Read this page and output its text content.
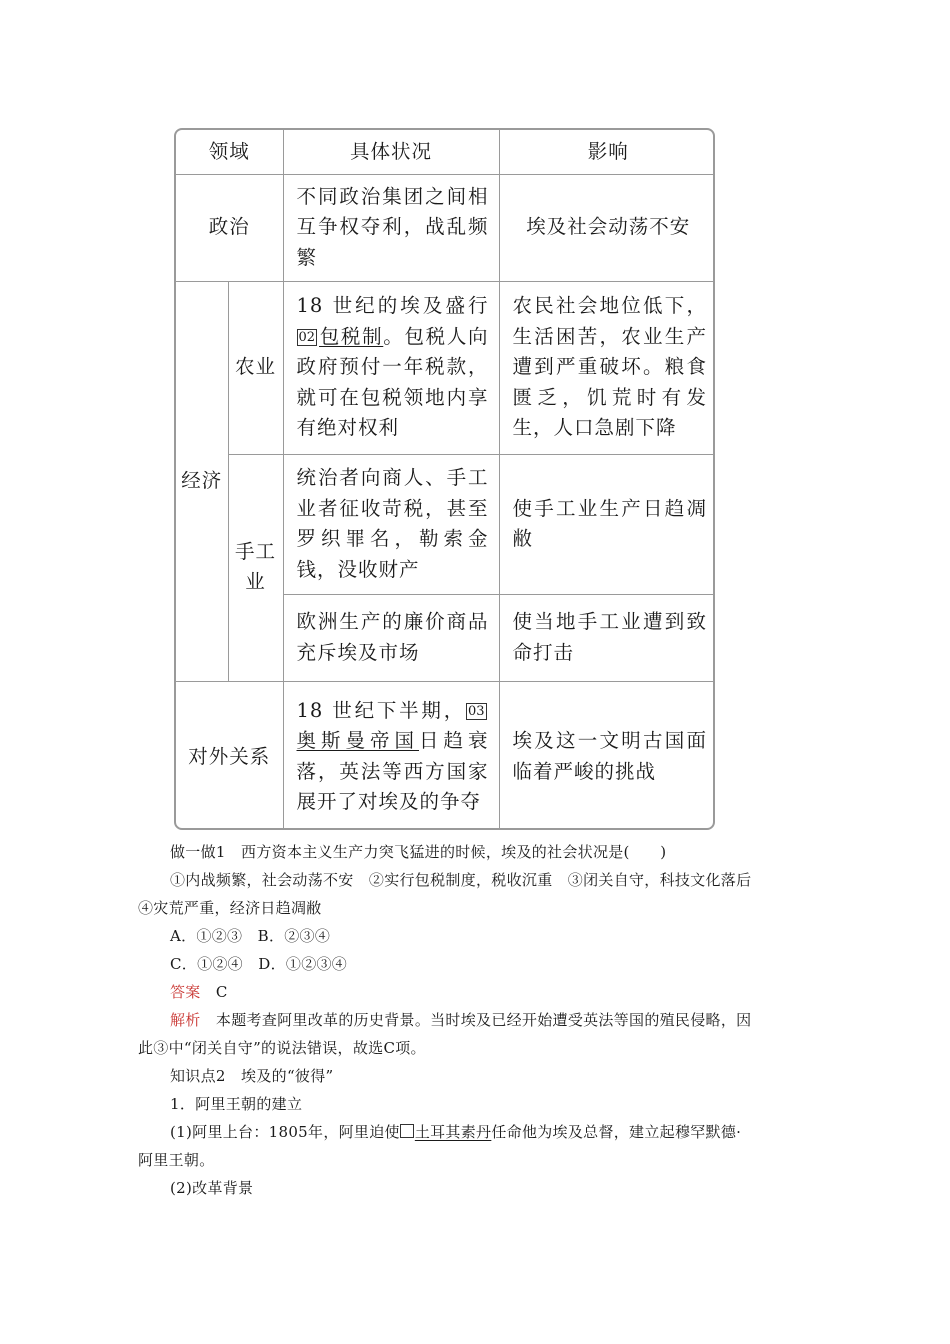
领域		具体状况	影响
政治		不同政治集团之间相互争权夺利，战乱频繁	埃及社会动荡不安
经济	农业	18 世纪的埃及盛行02 包税制。包税人向政府预付一年税款，就可在包税领地内享有绝对权利	农民社会地位低下，生活困苦，农业生产遭到严重破坏。粮食匮乏，饥荒时有发生，人口急剧下降
	手工业	统治者向商人、手工业者征收苛税，甚至罗织罪名，勒索金钱，没收财产	使手工业生产日趋凋敝
		欧洲生产的廉价商品充斥埃及市场	使当地手工业遭到致命打击
对外关系		18 世纪下半期， 03奥斯曼帝国日趋衰落，英法等西方国家展开了对埃及的争夺	埃及这一文明古国面临着严峻的挑战
做一做1　西方资本主义生产力突飞猛进的时候，埃及的社会状况是(　　)
①内战频繁，社会动荡不安　②实行包税制度，税收沉重　③闭关自守，科技文化落后
④灾荒严重，经济日趋凋敝
A．①②③　B．②③④
C．①②④　D．①②③④
答案　 C
解析　 本题考查阿里改革的历史背景。当时埃及已经开始遭受英法等国的殖民侵略，因
此③中“闭关自守”的说法错误，故选C项。
知识点2　埃及的“彼得”
1．阿里王朝的建立
(1)阿里上台：1805年，阿里迫使 土耳其素丹任命他为埃及总督，建立起穆罕默德·
阿里王朝。
(2)改革背景
